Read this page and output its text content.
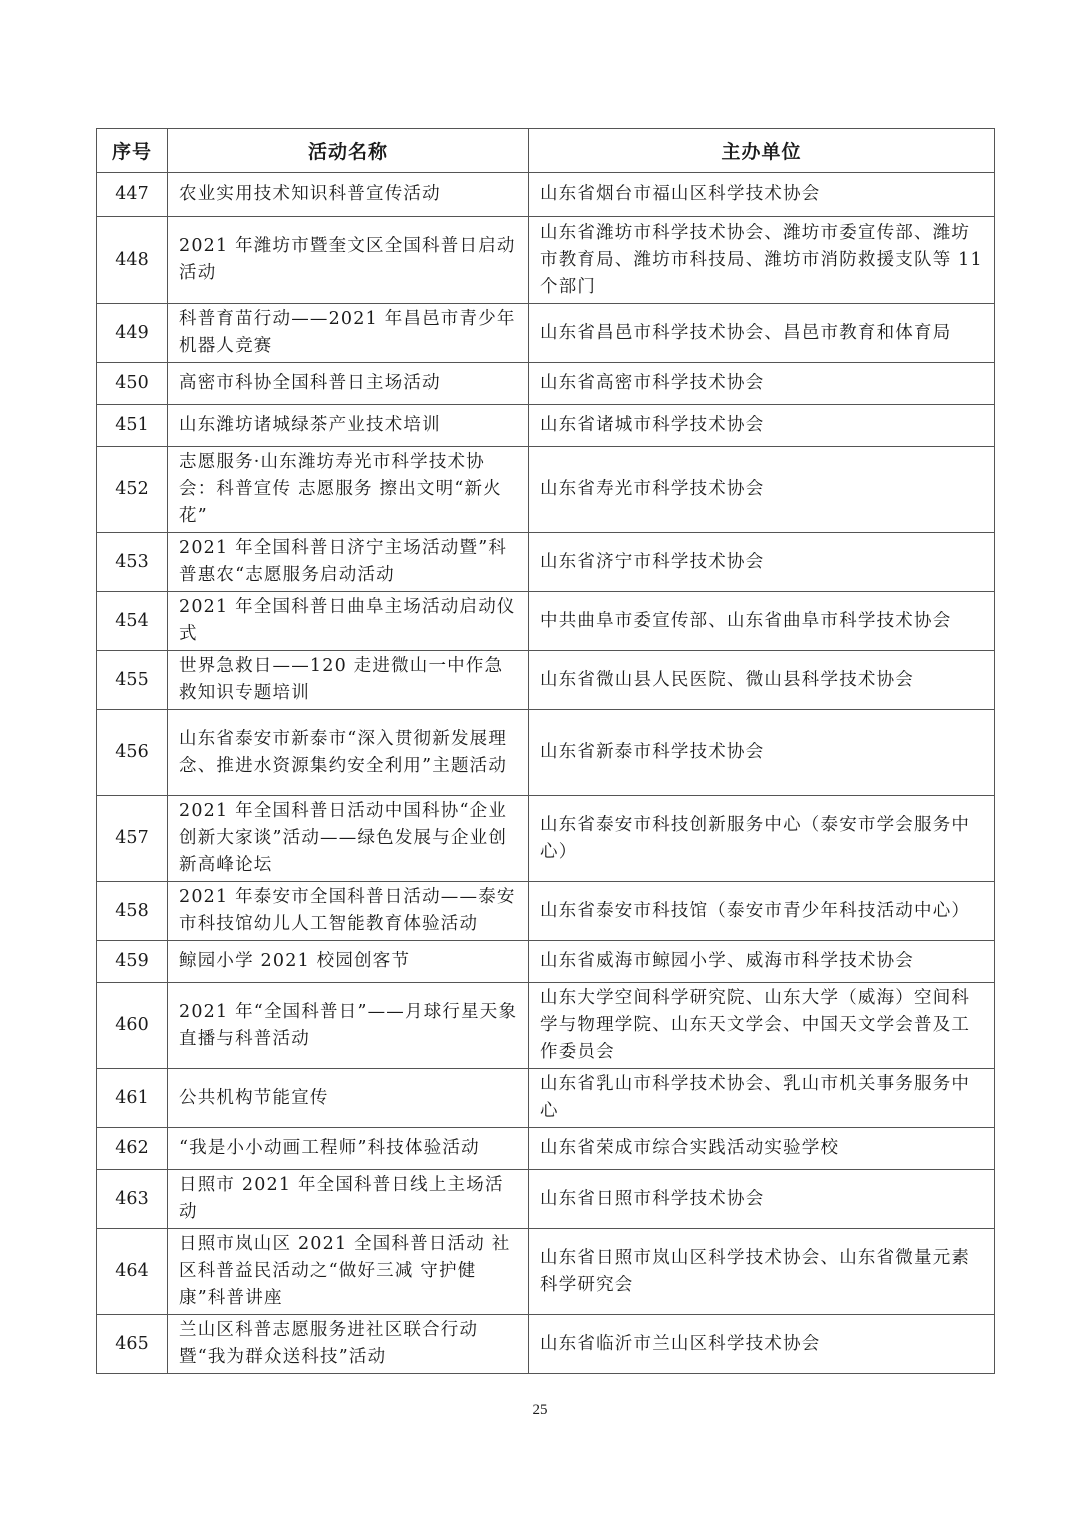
序号	活动名称	主办单位
447	农业实用技术知识科普宣传活动	山东省烟台市福山区科学技术协会
448	2021 年潍坊市暨奎文区全国科普日启动活动	山东省潍坊市科学技术协会、潍坊市委宣传部、潍坊市教育局、潍坊市科技局、潍坊市消防救援支队等 11 个部门
449	科普育苗行动——2021 年昌邑市青少年机器人竞赛	山东省昌邑市科学技术协会、昌邑市教育和体育局
450	高密市科协全国科普日主场活动	山东省高密市科学技术协会
451	山东潍坊诸城绿茶产业技术培训	山东省诸城市科学技术协会
452	志愿服务·山东潍坊寿光市科学技术协会：科普宣传 志愿服务 擦出文明“新火花”	山东省寿光市科学技术协会
453	2021 年全国科普日济宁主场活动暨”科普惠农“志愿服务启动活动	山东省济宁市科学技术协会
454	2021 年全国科普日曲阜主场活动启动仪式	中共曲阜市委宣传部、山东省曲阜市科学技术协会
455	世界急救日——120 走进微山一中作急救知识专题培训	山东省微山县人民医院、微山县科学技术协会
456	山东省泰安市新泰市“深入贯彻新发展理念、推进水资源集约安全利用”主题活动	山东省新泰市科学技术协会
457	2021 年全国科普日活动中国科协“企业创新大家谈”活动——绿色发展与企业创新高峰论坛	山东省泰安市科技创新服务中心（泰安市学会服务中心）
458	2021 年泰安市全国科普日活动——泰安市科技馆幼儿人工智能教育体验活动	山东省泰安市科技馆（泰安市青少年科技活动中心）
459	鲸园小学 2021 校园创客节	山东省威海市鲸园小学、威海市科学技术协会
460	2021 年“全国科普日”——月球行星天象直播与科普活动	山东大学空间科学研究院、山东大学（威海）空间科学与物理学院、山东天文学会、中国天文学会普及工作委员会
461	公共机构节能宣传	山东省乳山市科学技术协会、乳山市机关事务服务中心
462	“我是小小动画工程师”科技体验活动	山东省荣成市综合实践活动实验学校
463	日照市 2021 年全国科普日线上主场活动	山东省日照市科学技术协会
464	日照市岚山区 2021 全国科普日活动 社区科普益民活动之“做好三减 守护健康”科普讲座	山东省日照市岚山区科学技术协会、山东省微量元素科学研究会
465	兰山区科普志愿服务进社区联合行动暨“我为群众送科技”活动	山东省临沂市兰山区科学技术协会
25
